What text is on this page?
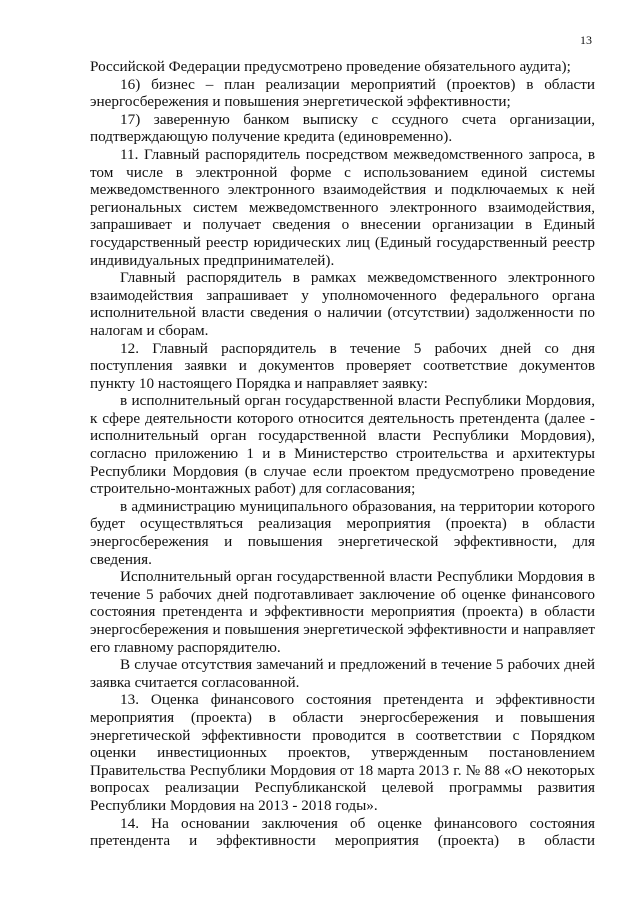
13

Российской Федерации предусмотрено проведение обязательного аудита);

16) бизнес – план реализации мероприятий (проектов) в области энергосбережения и повышения энергетической эффективности;

17) заверенную банком выписку с ссудного счета организации, подтверждающую получение кредита (единовременно).

11. Главный распорядитель посредством межведомственного запроса, в том числе в электронной форме с использованием единой системы межведомственного электронного взаимодействия и подключаемых к ней региональных систем межведомственного электронного взаимодействия, запрашивает и получает сведения о внесении организации в Единый государственный реестр юридических лиц (Единый государственный реестр индивидуальных предпринимателей).

Главный распорядитель в рамках межведомственного электронного взаимодействия запрашивает у уполномоченного федерального органа исполнительной власти сведения о наличии (отсутствии) задолженности по налогам и сборам.

12. Главный распорядитель в течение 5 рабочих дней со дня поступления заявки и документов проверяет соответствие документов пункту 10 настоящего Порядка и направляет заявку:

в исполнительный орган государственной власти Республики Мордовия, к сфере деятельности которого относится деятельность претендента (далее - исполнительный орган государственной власти Республики Мордовия), согласно приложению 1 и в Министерство строительства и архитектуры Республики Мордовия (в случае если проектом предусмотрено проведение строительно-монтажных работ) для согласования;

в администрацию муниципального образования, на территории которого будет осуществляться реализация мероприятия (проекта) в области энергосбережения и повышения энергетической эффективности, для сведения.

Исполнительный орган государственной власти Республики Мордовия в течение 5 рабочих дней подготавливает заключение об оценке финансового состояния претендента и эффективности мероприятия (проекта) в области энергосбережения и повышения энергетической эффективности и направляет его главному распорядителю.

В случае отсутствия замечаний и предложений в течение 5 рабочих дней заявка считается согласованной.

13. Оценка финансового состояния претендента и эффективности мероприятия (проекта) в области энергосбережения и повышения энергетической эффективности проводится в соответствии с Порядком оценки инвестиционных проектов, утвержденным постановлением Правительства Республики Мордовия от 18 марта 2013 г. № 88 «О некоторых вопросах реализации Республиканской целевой программы развития Республики Мордовия на 2013 - 2018 годы».

14. На основании заключения об оценке финансового состояния претендента и эффективности мероприятия (проекта) в области
